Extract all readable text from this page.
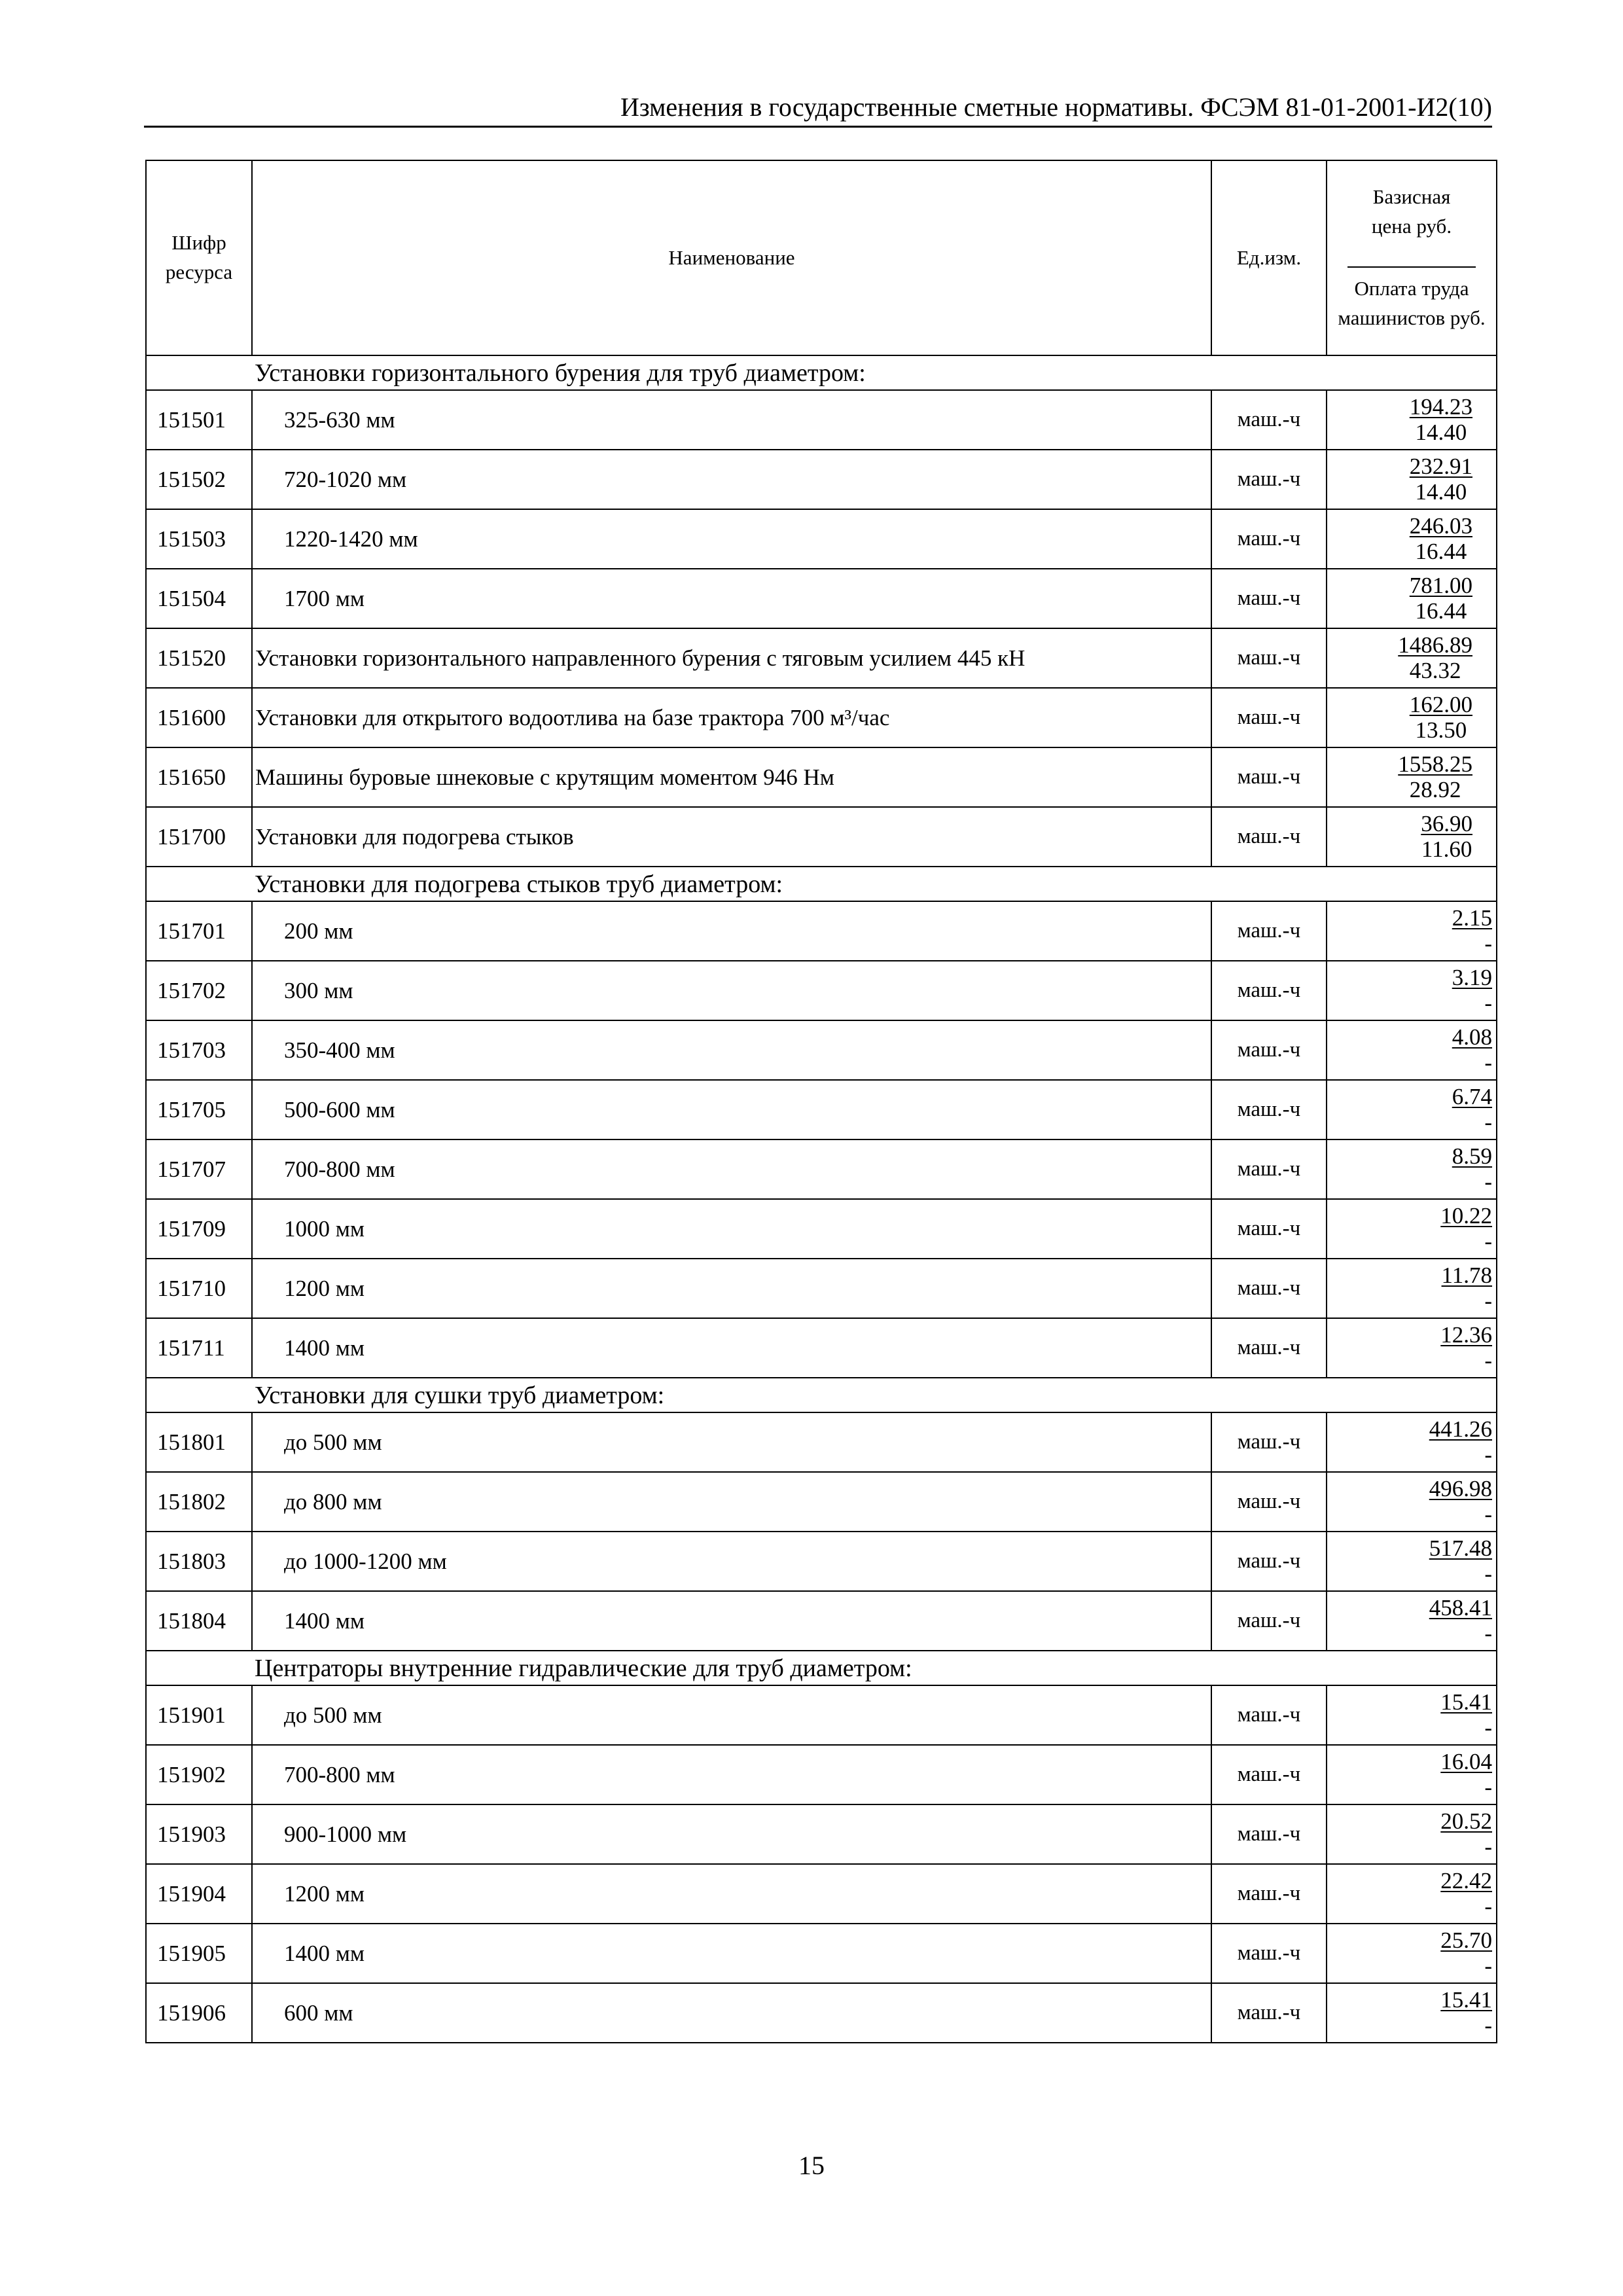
Изменения в государственные сметные нормативы. ФСЭМ 81-01-2001-И2(10)
Шифр ресурса	Наименование	Ед.изм.	Базисная цена руб.
Оплата труда машинистов руб.

	Установки горизонтального бурения для труб диаметром:		
151501	325-630 мм	маш.-ч	$\frac{194.23}{14.40}$

151502	720-1020 мм	маш.-ч	$\frac{232.91}{14.40}$

151503	1220-1420 мм	маш.-ч	$\frac{246.03}{16.44}$

151504	1700 мм	маш.-ч	$\frac{781.00}{16.44}$

151520	Установки горизонтального направленного бурения с тяговым усилием 445 кН	маш.-ч	$\frac{1486.89}{43.32}$

151600	Установки для открытого водоотлива на базе трактора 700 м³/час	маш.-ч	$\frac{162.00}{13.50}$

151650	Машины буровые шнековые с крутящим моментом 946 Нм	маш.-ч	$\frac{1558.25}{28.92}$

151700	Установки для подогрева стыков	маш.-ч	$\frac{36.90}{11.60}$

	Установки для подогрева стыков труб диаметром:		
151701	200 мм	маш.-ч	2.15
-

151702	300 мм	маш.-ч	3.19
-

151703	350-400 мм	маш.-ч	4.08
-

151705	500-600 мм	маш.-ч	6.74
-

151707	700-800 мм	маш.-ч	8.59
-

151709	1000 мм	маш.-ч	10.22
-

151710	1200 мм	маш.-ч	11.78
-

151711	1400 мм	маш.-ч	12.36
-

	Установки для сушки труб диаметром:		
151801	до 500 мм	маш.-ч	441.26
-

151802	до 800 мм	маш.-ч	496.98
-

151803	до 1000-1200 мм	маш.-ч	517.48
-

151804	1400 мм	маш.-ч	458.41
-

	Центраторы внутренние гидравлические для труб диаметром:		
151901	до 500 мм	маш.-ч	15.41
-

151902	700-800 мм	маш.-ч	16.04
-

151903	900-1000 мм	маш.-ч	20.52
-

151904	1200 мм	маш.-ч	22.42
-

151905	1400 мм	маш.-ч	25.70
-

151906	600 мм	маш.-ч	15.41
-
15
